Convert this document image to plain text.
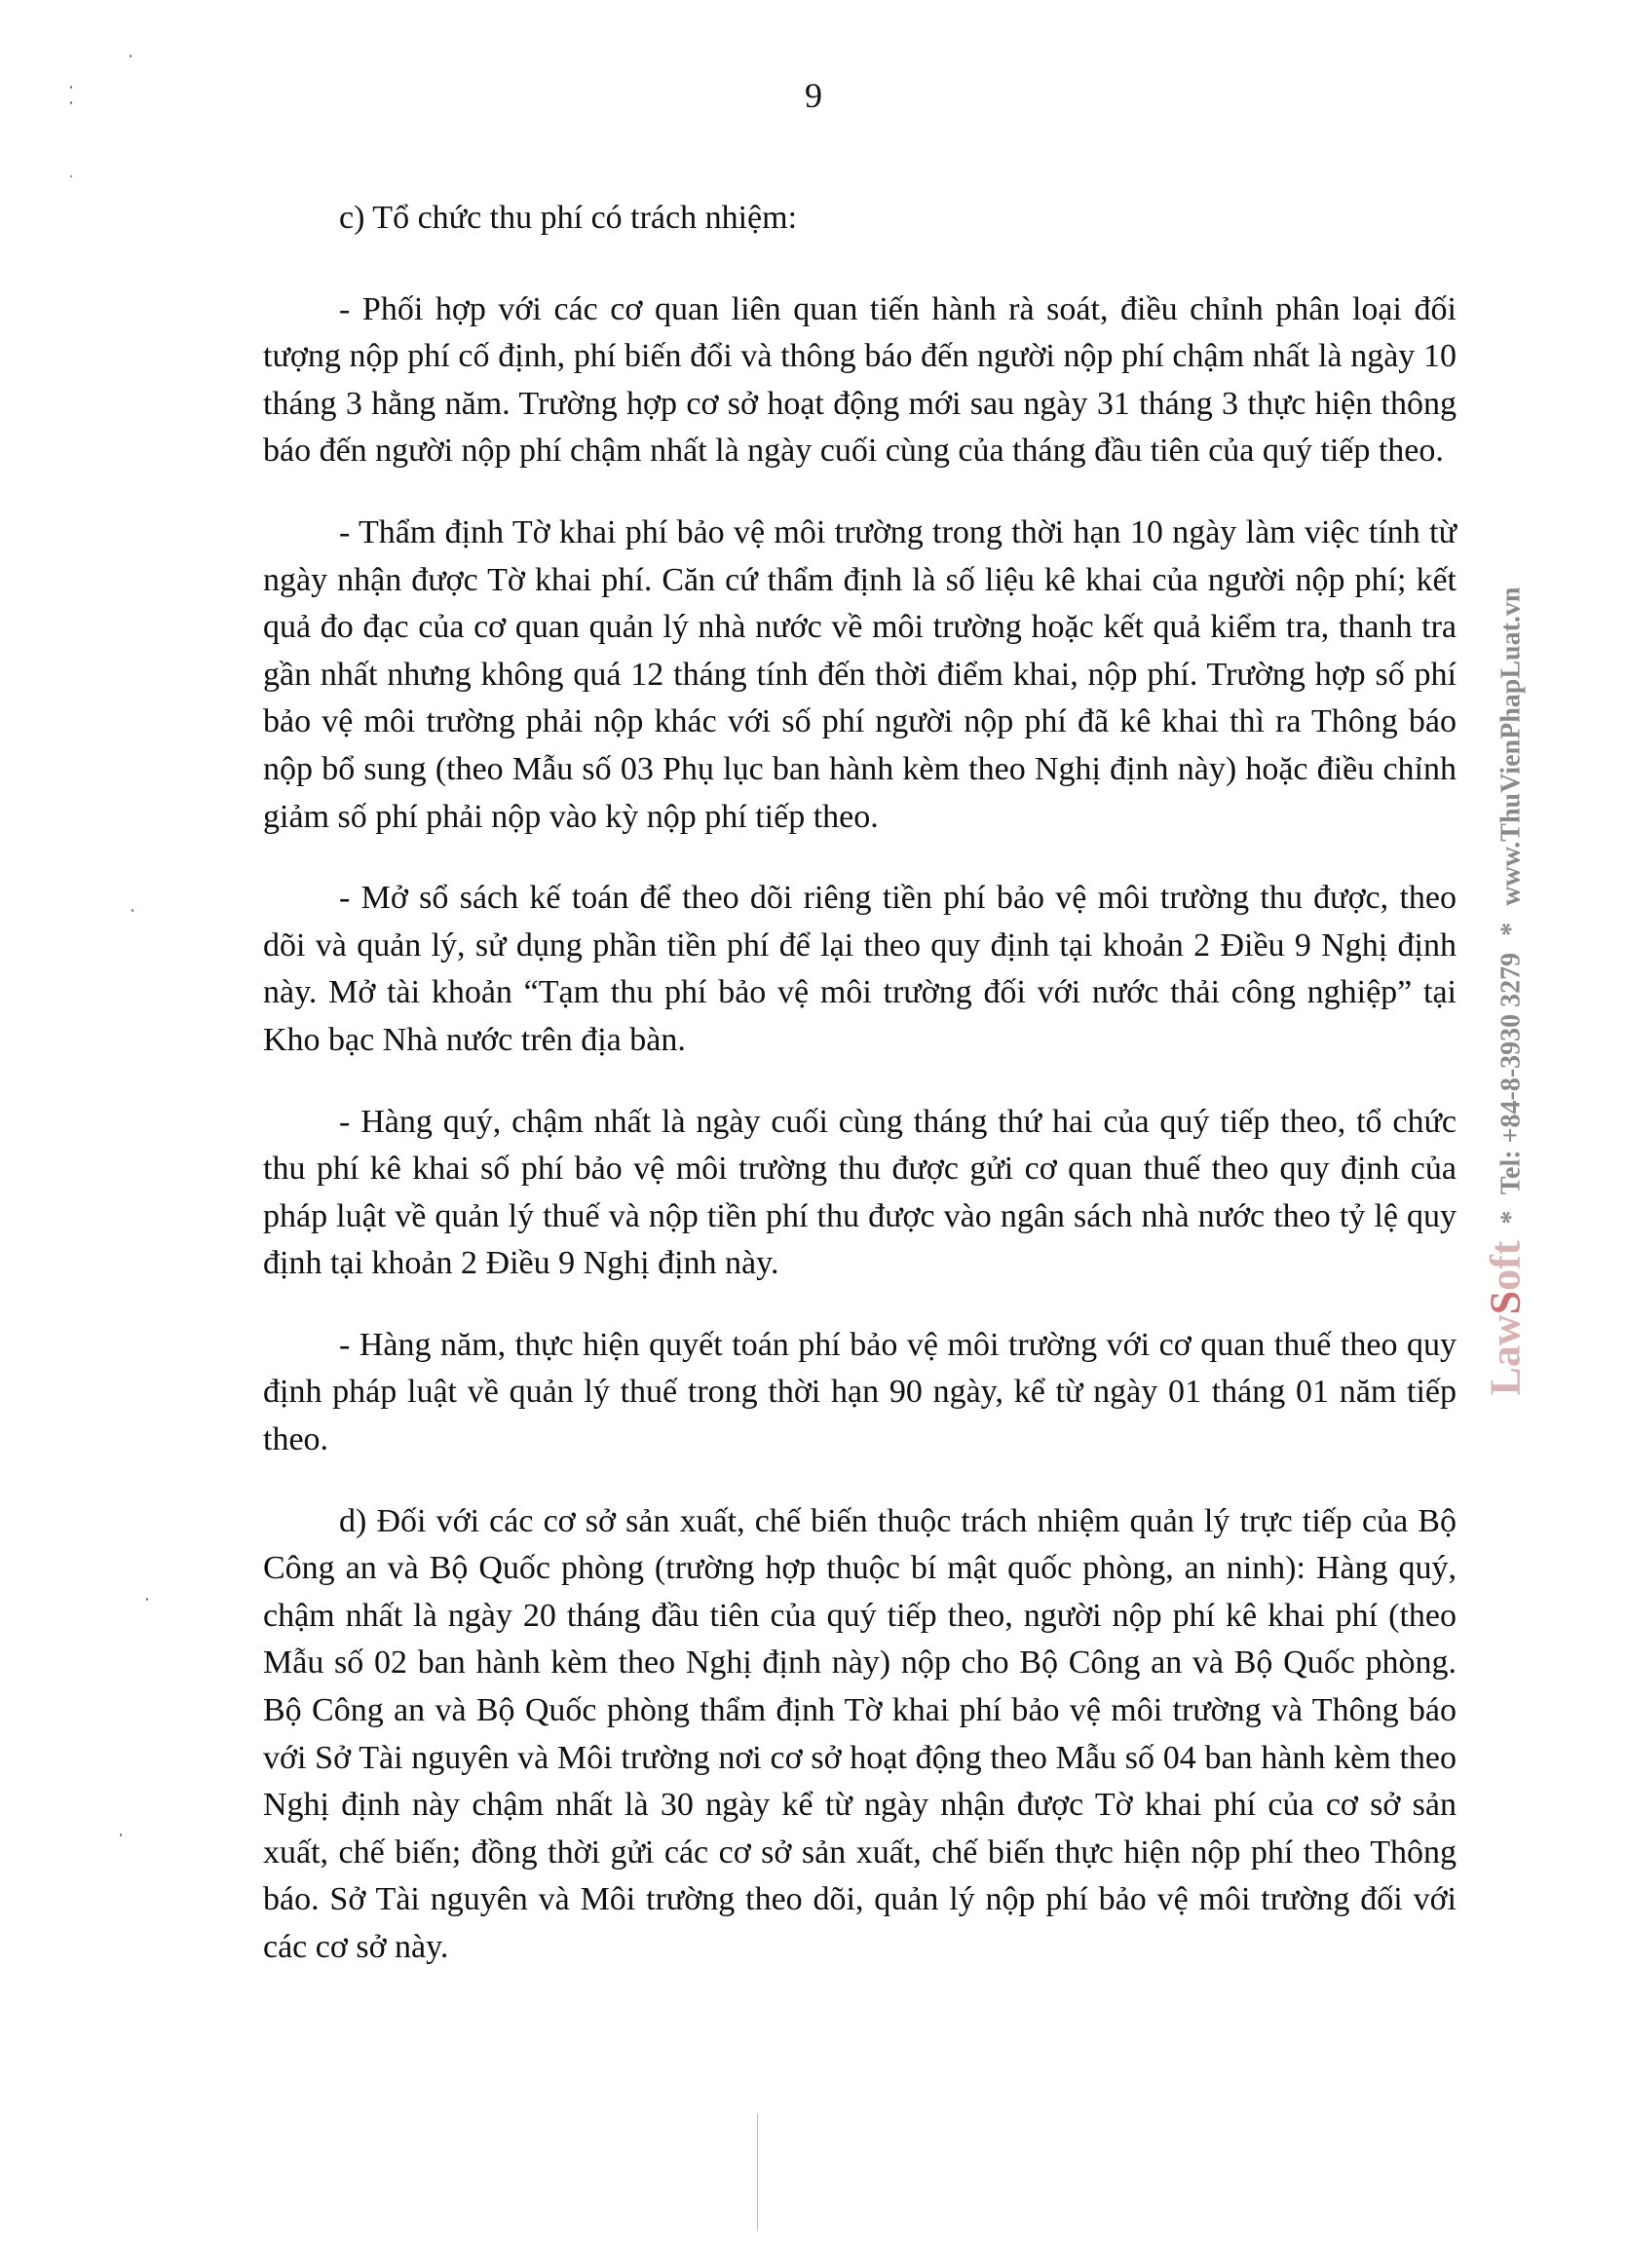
9

c) Tổ chức thu phí có trách nhiệm:

- Phối hợp với các cơ quan liên quan tiến hành rà soát, điều chỉnh phân loại đối tượng nộp phí cố định, phí biến đổi và thông báo đến người nộp phí chậm nhất là ngày 10 tháng 3 hằng năm. Trường hợp cơ sở hoạt động mới sau ngày 31 tháng 3 thực hiện thông báo đến người nộp phí chậm nhất là ngày cuối cùng của tháng đầu tiên của quý tiếp theo.

- Thẩm định Tờ khai phí bảo vệ môi trường trong thời hạn 10 ngày làm việc tính từ ngày nhận được Tờ khai phí. Căn cứ thẩm định là số liệu kê khai của người nộp phí; kết quả đo đạc của cơ quan quản lý nhà nước về môi trường hoặc kết quả kiểm tra, thanh tra gần nhất nhưng không quá 12 tháng tính đến thời điểm khai, nộp phí. Trường hợp số phí bảo vệ môi trường phải nộp khác với số phí người nộp phí đã kê khai thì ra Thông báo nộp bổ sung (theo Mẫu số 03 Phụ lục ban hành kèm theo Nghị định này) hoặc điều chỉnh giảm số phí phải nộp vào kỳ nộp phí tiếp theo.

- Mở sổ sách kế toán để theo dõi riêng tiền phí bảo vệ môi trường thu được, theo dõi và quản lý, sử dụng phần tiền phí để lại theo quy định tại khoản 2 Điều 9 Nghị định này. Mở tài khoản “Tạm thu phí bảo vệ môi trường đối với nước thải công nghiệp” tại Kho bạc Nhà nước trên địa bàn.

- Hàng quý, chậm nhất là ngày cuối cùng tháng thứ hai của quý tiếp theo, tổ chức thu phí kê khai số phí bảo vệ môi trường thu được gửi cơ quan thuế theo quy định của pháp luật về quản lý thuế và nộp tiền phí thu được vào ngân sách nhà nước theo tỷ lệ quy định tại khoản 2 Điều 9 Nghị định này.

- Hàng năm, thực hiện quyết toán phí bảo vệ môi trường với cơ quan thuế theo quy định pháp luật về quản lý thuế trong thời hạn 90 ngày, kể từ ngày 01 tháng 01 năm tiếp theo.

d) Đối với các cơ sở sản xuất, chế biến thuộc trách nhiệm quản lý trực tiếp của Bộ Công an và Bộ Quốc phòng (trường hợp thuộc bí mật quốc phòng, an ninh): Hàng quý, chậm nhất là ngày 20 tháng đầu tiên của quý tiếp theo, người nộp phí kê khai phí (theo Mẫu số 02 ban hành kèm theo Nghị định này) nộp cho Bộ Công an và Bộ Quốc phòng. Bộ Công an và Bộ Quốc phòng thẩm định Tờ khai phí bảo vệ môi trường và Thông báo với Sở Tài nguyên và Môi trường nơi cơ sở hoạt động theo Mẫu số 04 ban hành kèm theo Nghị định này chậm nhất là 30 ngày kể từ ngày nhận được Tờ khai phí của cơ sở sản xuất, chế biến; đồng thời gửi các cơ sở sản xuất, chế biến thực hiện nộp phí theo Thông báo. Sở Tài nguyên và Môi trường theo dõi, quản lý nộp phí bảo vệ môi trường đối với các cơ sở này.

LawSoft * Tel: +84-8-3930 3279 * www.ThuVienPhapLuat.vn
